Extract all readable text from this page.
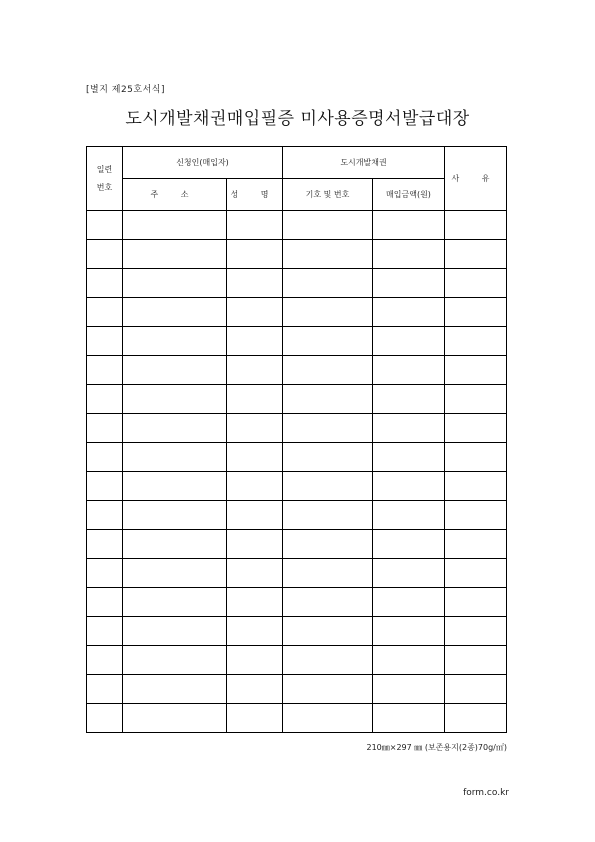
[별지 제25호서식]
도시개발채권매입필증 미사용증명서발급대장
일련
번호	신청인(매입자)		도시개발채권		사 유
	주 소	성 명	기호 및 번호	매입금액(원)	

210㎜×297 ㎜ (보존용지(2종)70g/㎡)
form.co.kr
